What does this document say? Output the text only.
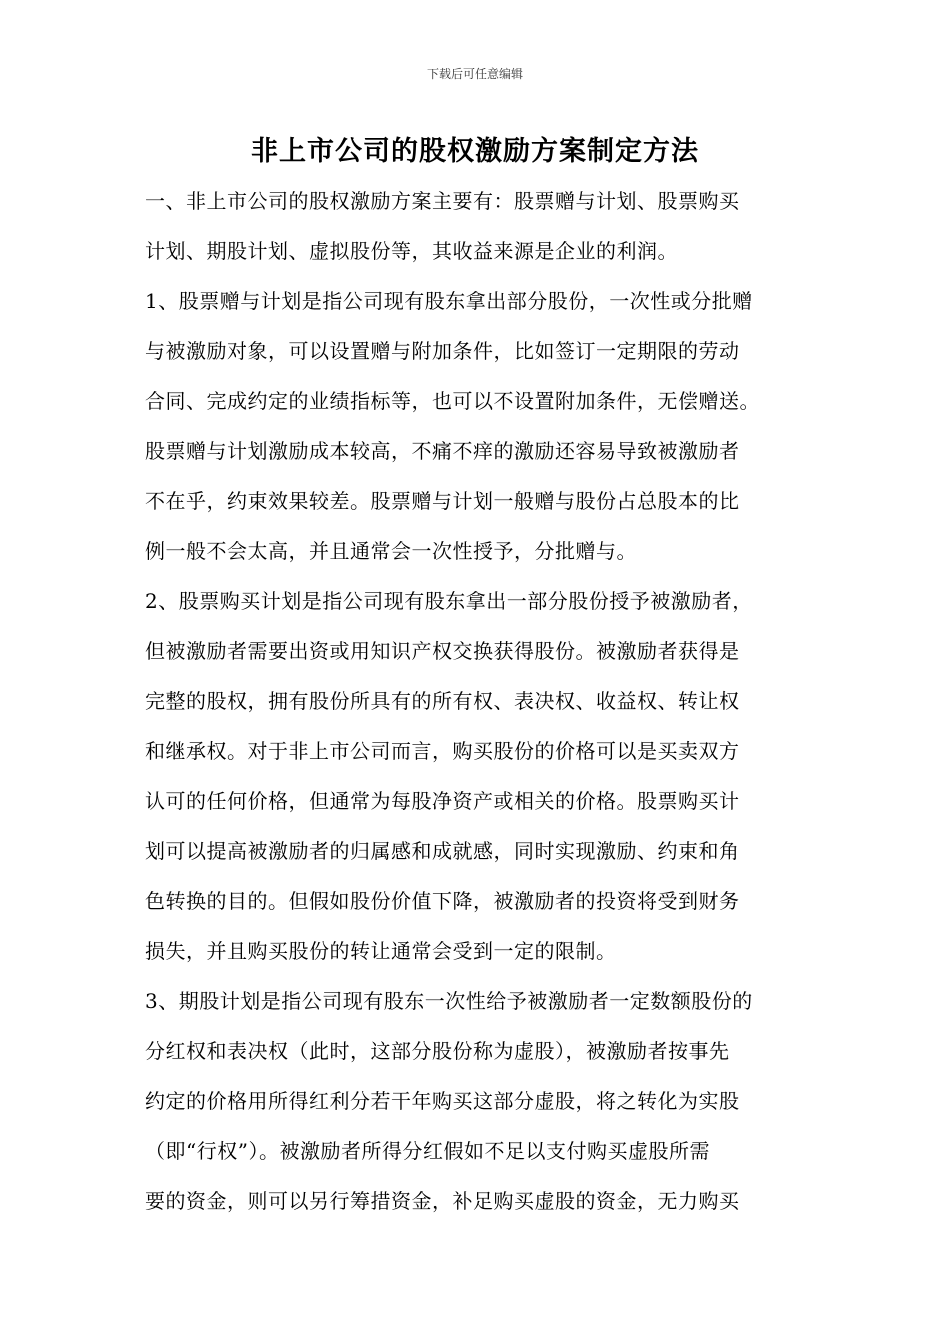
下载后可任意编辑
非上市公司的股权激励方案制定方法
一、非上市公司的股权激励方案主要有：股票赠与计划、股票购买
计划、期股计划、虚拟股份等，其收益来源是企业的利润。
1、股票赠与计划是指公司现有股东拿出部分股份，一次性或分批赠
与被激励对象，可以设置赠与附加条件，比如签订一定期限的劳动
合同、完成约定的业绩指标等，也可以不设置附加条件，无偿赠送。
股票赠与计划激励成本较高，不痛不痒的激励还容易导致被激励者
不在乎，约束效果较差。股票赠与计划一般赠与股份占总股本的比
例一般不会太高，并且通常会一次性授予，分批赠与。
2、股票购买计划是指公司现有股东拿出一部分股份授予被激励者，
但被激励者需要出资或用知识产权交换获得股份。被激励者获得是
完整的股权，拥有股份所具有的所有权、表决权、收益权、转让权
和继承权。对于非上市公司而言，购买股份的价格可以是买卖双方
认可的任何价格，但通常为每股净资产或相关的价格。股票购买计
划可以提高被激励者的归属感和成就感，同时实现激励、约束和角
色转换的目的。但假如股份价值下降，被激励者的投资将受到财务
损失，并且购买股份的转让通常会受到一定的限制。
3、期股计划是指公司现有股东一次性给予被激励者一定数额股份的
分红权和表决权（此时，这部分股份称为虚股），被激励者按事先
约定的价格用所得红利分若干年购买这部分虚股，将之转化为实股
（即“行权”）。被激励者所得分红假如不足以支付购买虚股所需
要的资金，则可以另行筹措资金，补足购买虚股的资金，无力购买
